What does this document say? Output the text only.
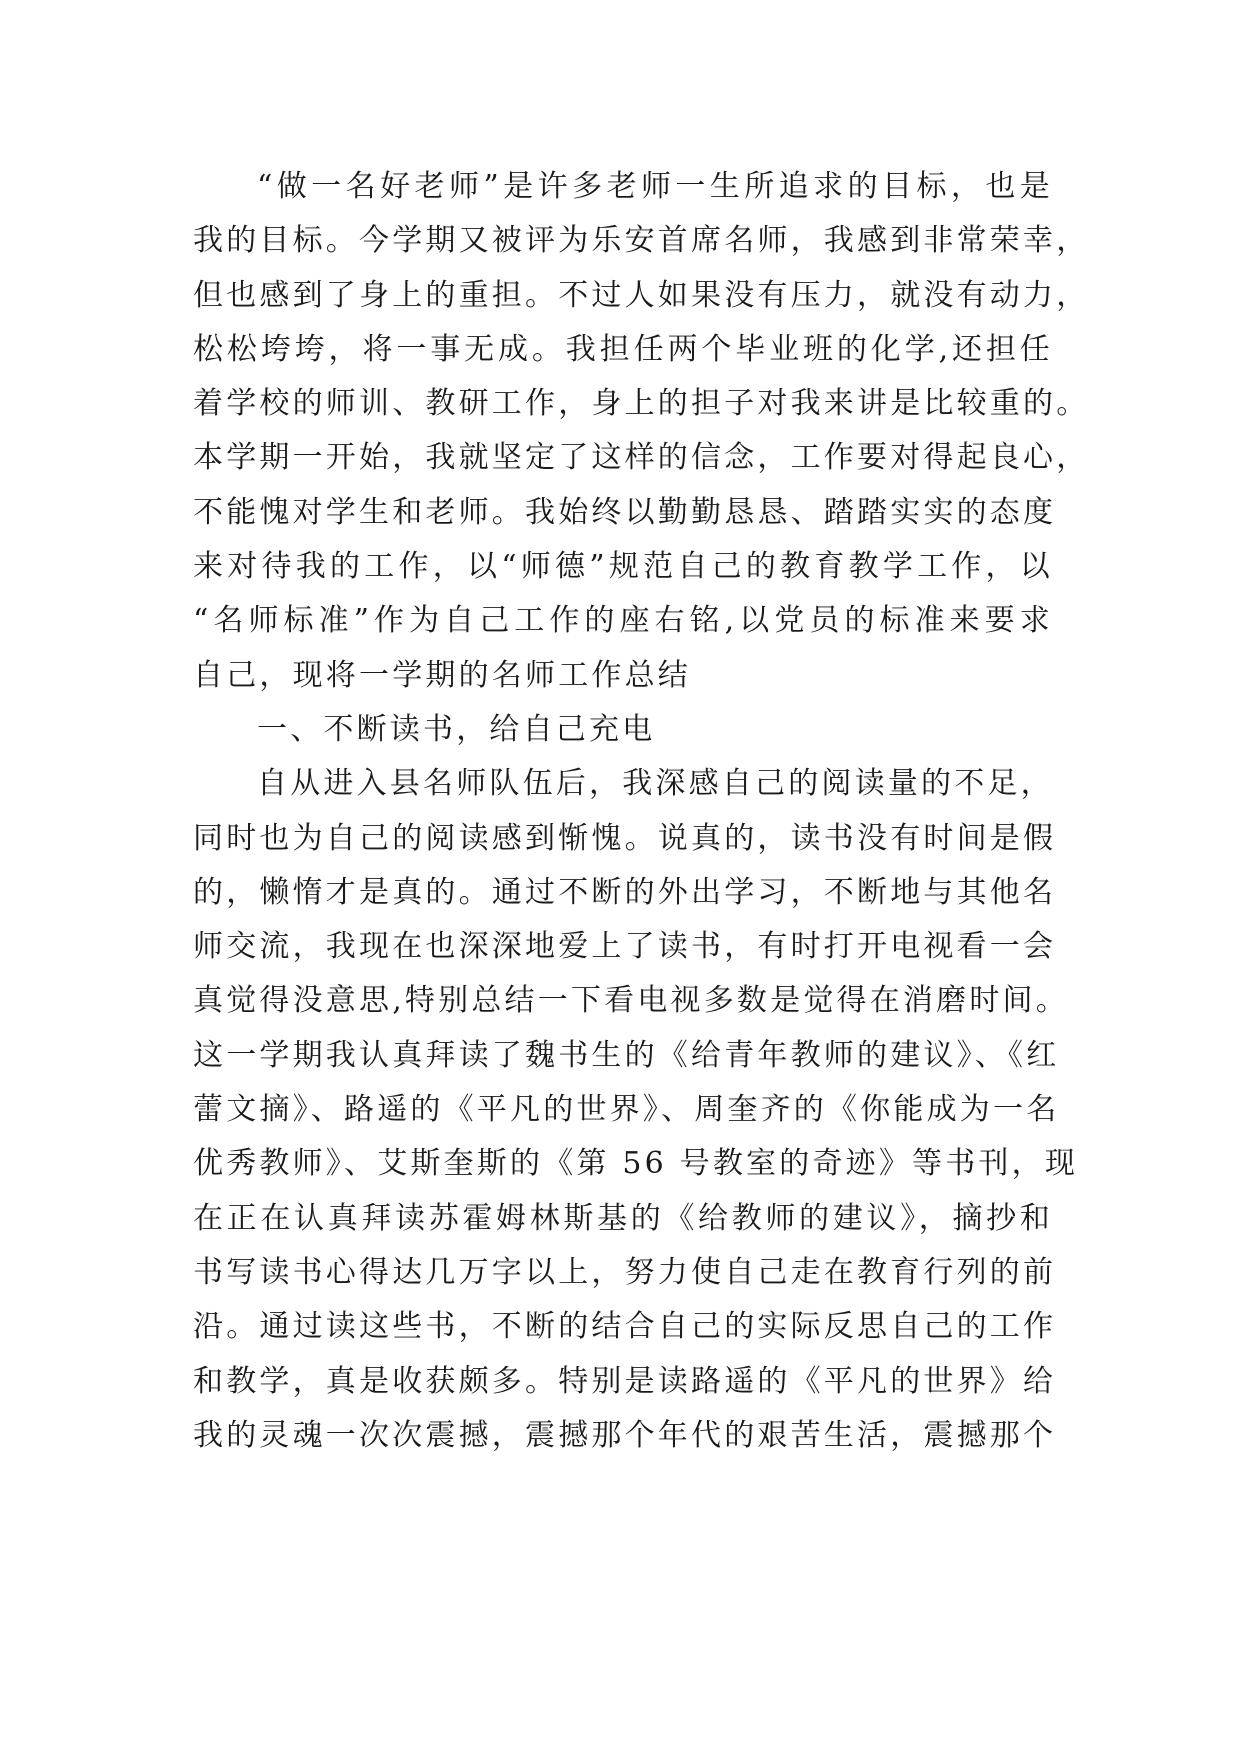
“做一名好老师”是许多老师一生所追求的目标，也是
我的目标。今学期又被评为乐安首席名师，我感到非常荣幸，
但也感到了身上的重担。不过人如果没有压力，就没有动力，
松松垮垮，将一事无成。我担任两个毕业班的化学,还担任
着学校的师训、教研工作，身上的担子对我来讲是比较重的。
本学期一开始，我就坚定了这样的信念，工作要对得起良心，
不能愧对学生和老师。我始终以勤勤恳恳、踏踏实实的态度
来对待我的工作，以“师德”规范自己的教育教学工作，以
“名师标准”作为自己工作的座右铭,以党员的标准来要求
自己，现将一学期的名师工作总结
一、不断读书，给自己充电
自从进入县名师队伍后，我深感自己的阅读量的不足，
同时也为自己的阅读感到惭愧。说真的，读书没有时间是假
的，懒惰才是真的。通过不断的外出学习，不断地与其他名
师交流，我现在也深深地爱上了读书，有时打开电视看一会
真觉得没意思,特别总结一下看电视多数是觉得在消磨时间。
这一学期我认真拜读了魏书生的《给青年教师的建议》、《红
蕾文摘》、路遥的《平凡的世界》、周奎齐的《你能成为一名
优秀教师》、艾斯奎斯的《第 56 号教室的奇迹》等书刊，现
在正在认真拜读苏霍姆林斯基的《给教师的建议》，摘抄和
书写读书心得达几万字以上，努力使自己走在教育行列的前
沿。通过读这些书，不断的结合自己的实际反思自己的工作
和教学，真是收获颇多。特别是读路遥的《平凡的世界》给
我的灵魂一次次震撼，震撼那个年代的艰苦生活，震撼那个
